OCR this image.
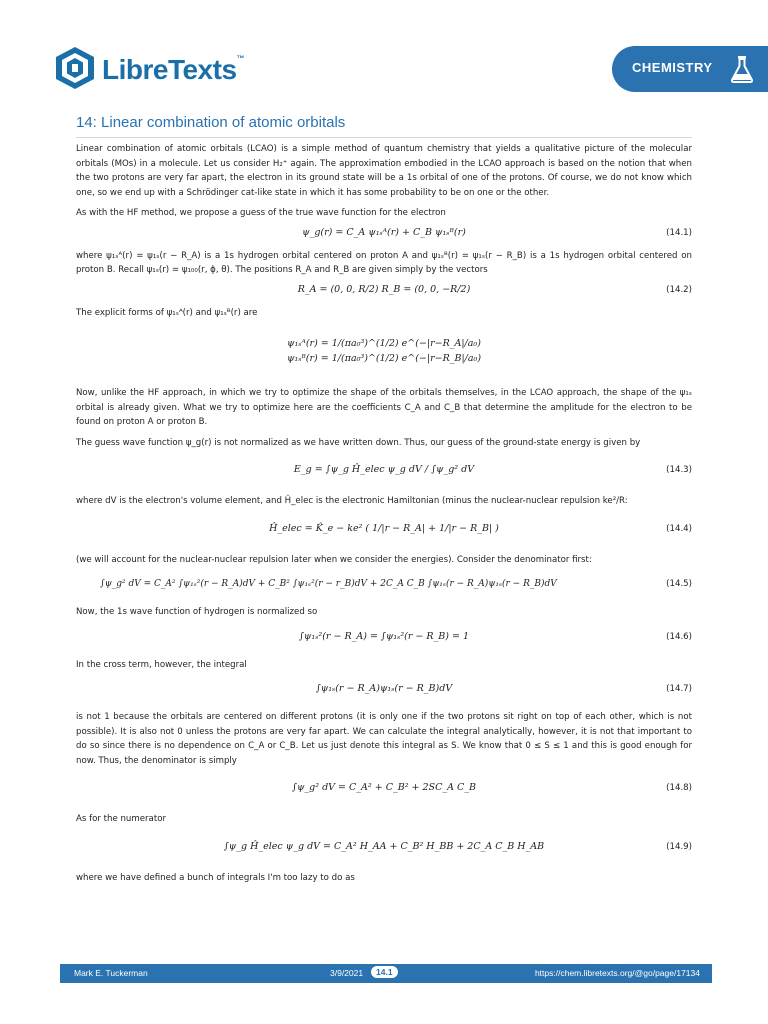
LibreTexts™
CHEMISTRY
14: Linear combination of atomic orbitals

Linear combination of atomic orbitals (LCAO) is a simple method of quantum chemistry that yields a qualitative picture of the molecular orbitals (MOs) in a molecule. Let us consider H₂⁺ again. The approximation embodied in the LCAO approach is based on the notion that when the two protons are very far apart, the electron in its ground state will be a 1s orbital of one of the protons. Of course, we do not know which one, so we end up with a Schrödinger cat-like state in which it has some probability to be on one or the other.

As with the HF method, we propose a guess of the true wave function for the electron

ψ_g(r) = C_A ψ₁ₛᴬ(r) + C_B ψ₁ₛᴮ(r)	(14.1)

where ψ₁ₛᴬ(r) = ψ₁ₛ(r − R_A) is a 1s hydrogen orbital centered on proton A and ψ₁ₛᴮ(r) = ψ₁ₛ(r − R_B) is a 1s hydrogen orbital centered on proton B. Recall ψ₁ₛ(r) = ψ₁₀₀(r, ϕ, θ). The positions R_A and R_B are given simply by the vectors

R_A = (0, 0, R/2) R_B = (0, 0, −R/2)	(14.2)

The explicit forms of ψ₁ₛᴬ(r) and ψ₁ₛᴮ(r) are

ψ₁ₛᴬ(r) = 1/(πa₀³)^(1/2) e^(−|r−R_A|/a₀)
ψ₁ₛᴮ(r) = 1/(πa₀³)^(1/2) e^(−|r−R_B|/a₀)

Now, unlike the HF approach, in which we try to optimize the shape of the orbitals themselves, in the LCAO approach, the shape of the ψ₁ₛ orbital is already given. What we try to optimize here are the coefficients C_A and C_B that determine the amplitude for the electron to be found on proton A or proton B.

The guess wave function ψ_g(r) is not normalized as we have written down. Thus, our guess of the ground-state energy is given by

E_g = ∫ψ_g Ĥ_elec ψ_g dV / ∫ψ_g² dV	(14.3)

where dV is the electron's volume element, and Ĥ_elec is the electronic Hamiltonian (minus the nuclear-nuclear repulsion ke²/R:

Ĥ_elec = K̂_e − ke² ( 1/|r − R_A| + 1/|r − R_B| )	(14.4)

(we will account for the nuclear-nuclear repulsion later when we consider the energies). Consider the denominator first:

∫ψ_g² dV = C_A² ∫ψ₁ₛ²(r − R_A)dV + C_B² ∫ψ₁ₛ²(r − r_B)dV + 2C_A C_B ∫ψ₁ₛ(r − R_A)ψ₁ₛ(r − R_B)dV	(14.5)

Now, the 1s wave function of hydrogen is normalized so

∫ψ₁ₛ²(r − R_A) = ∫ψ₁ₛ²(r − R_B) = 1	(14.6)

In the cross term, however, the integral

∫ψ₁ₛ(r − R_A)ψ₁ₛ(r − R_B)dV	(14.7)

is not 1 because the orbitals are centered on different protons (it is only one if the two protons sit right on top of each other, which is not possible). It is also not 0 unless the protons are very far apart. We can calculate the integral analytically, however, it is not that important to do so since there is no dependence on C_A or C_B. Let us just denote this integral as S. We know that 0 ≤ S ≤ 1 and this is good enough for now. Thus, the denominator is simply

∫ψ_g² dV = C_A² + C_B² + 2SC_A C_B	(14.8)

As for the numerator

∫ψ_g Ĥ_elec ψ_g dV = C_A² H_AA + C_B² H_BB + 2C_A C_B H_AB	(14.9)

where we have defined a bunch of integrals I'm too lazy to do as

Mark E. Tuckerman	3/9/2021	14.1	https://chem.libretexts.org/@go/page/17134
